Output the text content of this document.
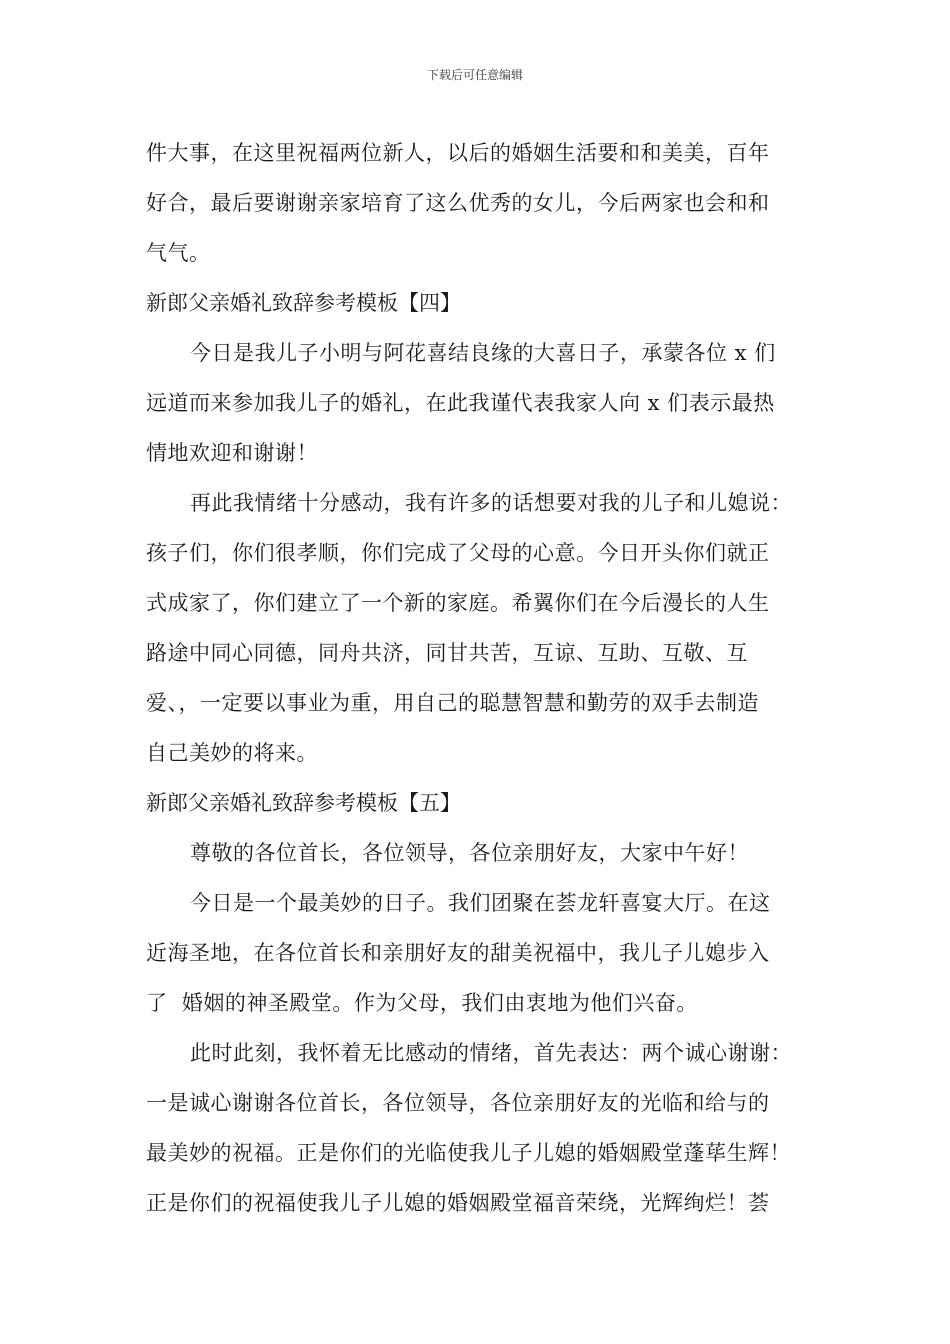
下载后可任意编辑
件大事，在这里祝福两位新人，以后的婚姻生活要和和美美，百年
好合，最后要谢谢亲家培育了这么优秀的女儿，今后两家也会和和
气气。
新郎父亲婚礼致辞参考模板【四】
今日是我儿子小明与阿花喜结良缘的大喜日子，承蒙各位 x 们
远道而来参加我儿子的婚礼，在此我谨代表我家人向 x 们表示最热
情地欢迎和谢谢！
再此我情绪十分感动，我有许多的话想要对我的儿子和儿媳说：
孩子们，你们很孝顺，你们完成了父母的心意。今日开头你们就正
式成家了，你们建立了一个新的家庭。希翼你们在今后漫长的人生
路途中同心同德，同舟共济，同甘共苦，互谅、互助、互敬、互
爱、，一定要以事业为重，用自己的聪慧智慧和勤劳的双手去制造
自己美妙的将来。
新郎父亲婚礼致辞参考模板【五】
尊敬的各位首长，各位领导，各位亲朋好友，大家中午好！
今日是一个最美妙的日子。我们团聚在荟龙轩喜宴大厅。在这
近海圣地，在各位首长和亲朋好友的甜美祝福中，我儿子儿媳步入
了  婚姻的神圣殿堂。作为父母，我们由衷地为他们兴奋。
此时此刻，我怀着无比感动的情绪，首先表达：两个诚心谢谢：
一是诚心谢谢各位首长，各位领导，各位亲朋好友的光临和给与的
最美妙的祝福。正是你们的光临使我儿子儿媳的婚姻殿堂蓬荜生辉！
正是你们的祝福使我儿子儿媳的婚姻殿堂福音荣绕，光辉绚烂！荟
